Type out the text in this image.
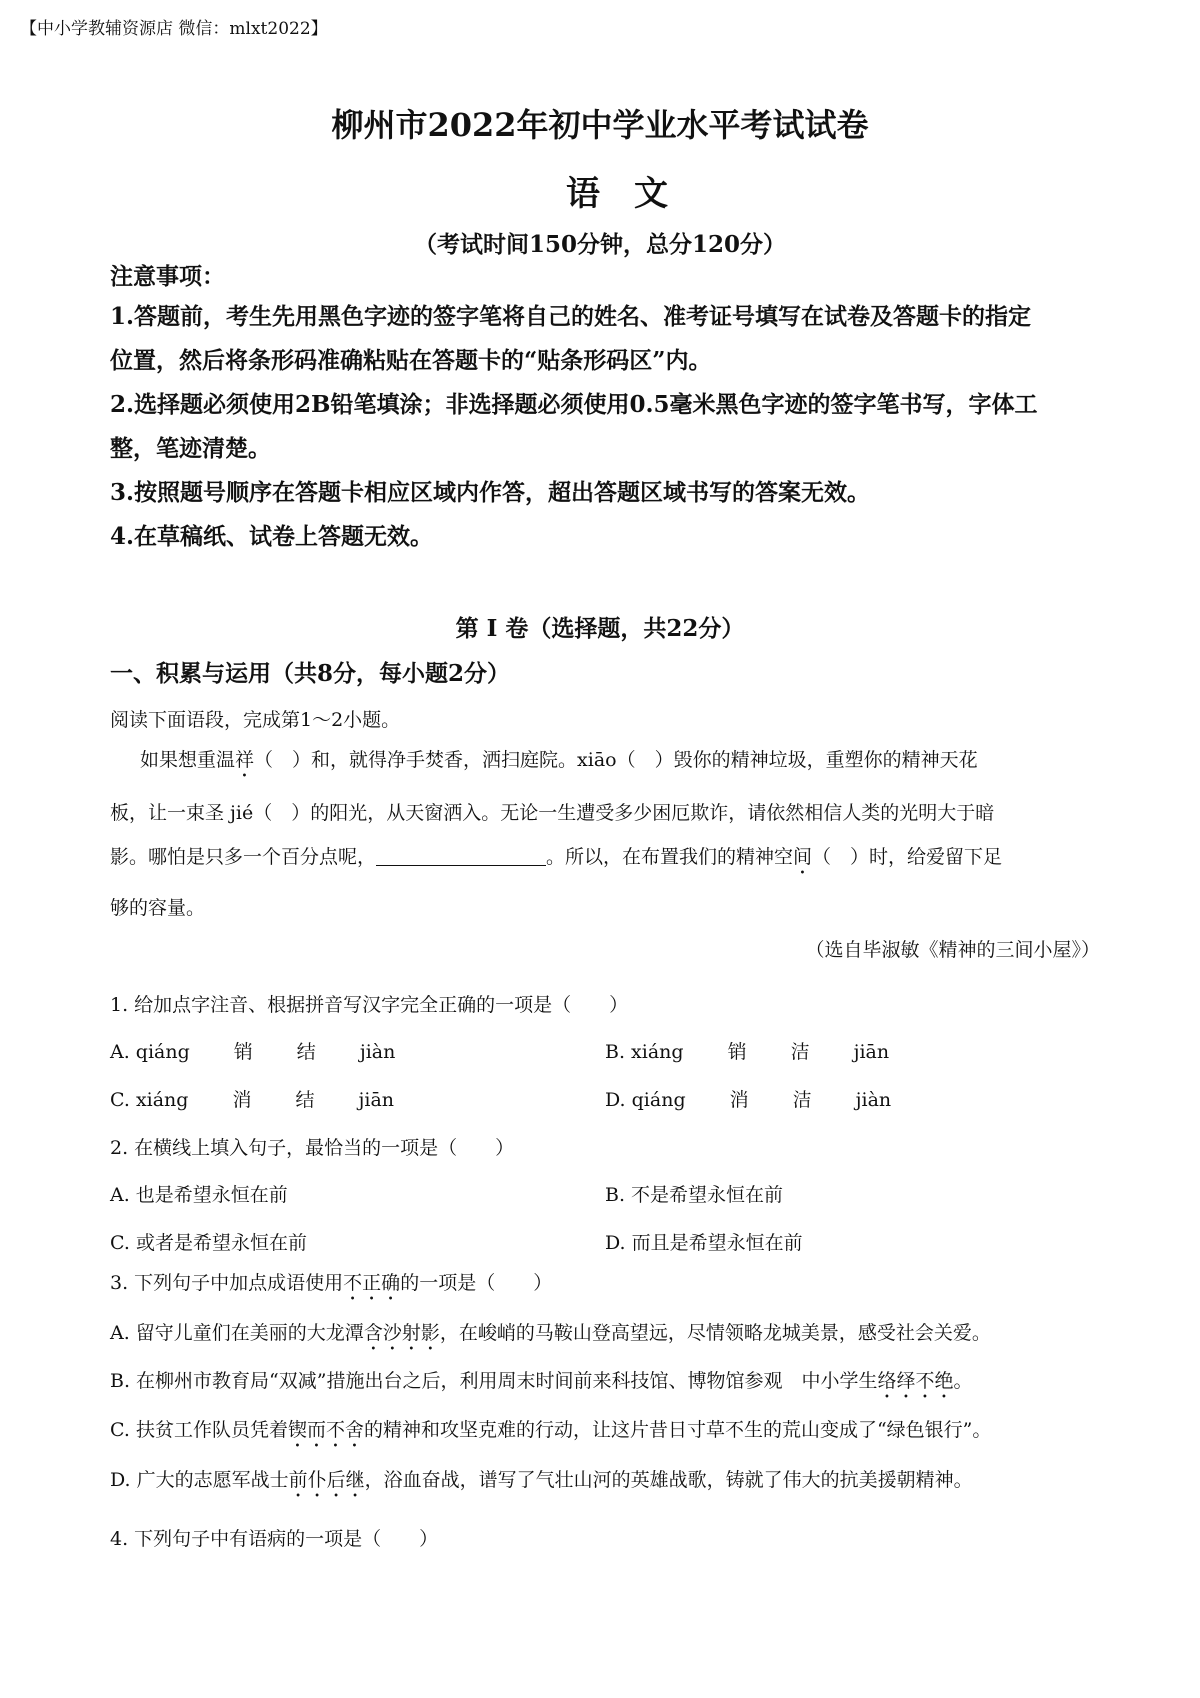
【中小学教辅资源店 微信：mlxt2022】
柳州市2022年初中学业水平考试试卷
语文
（考试时间150分钟，总分120分）
注意事项：
1.答题前，考生先用黑色字迹的签字笔将自己的姓名、准考证号填写在试卷及答题卡的指定
位置，然后将条形码准确粘贴在答题卡的“贴条形码区”内。
2.选择题必须使用2B铅笔填涂；非选择题必须使用0.5毫米黑色字迹的签字笔书写，字体工
整，笔迹清楚。
3.按照题号顺序在答题卡相应区域内作答，超出答题区域书写的答案无效。
4.在草稿纸、试卷上答题无效。
第 Ⅰ 卷（选择题，共22分）
一、积累与运用（共8分，每小题2分）
阅读下面语段，完成第1～2小题。
如果想重温祥（　）和，就得净手焚香，洒扫庭院。xiāo（　）毁你的精神垃圾，重塑你的精神天花
板，让一束圣 jié（　）的阳光，从天窗洒入。无论一生遭受多少困厄欺诈，请依然相信人类的光明大于暗
影。哪怕是只多一个百分点呢，	。所以，在布置我们的精神空间（　）时，给爱留下足
够的容量。
（选自毕淑敏《精神的三间小屋》）
1. 给加点字注音、根据拼音写汉字完全正确的一项是（　　）
A. qiáng 销 结 jiàn	B. xiáng 销 洁 jiān
C. xiáng 消 结 jiān	D. qiáng 消 洁 jiàn
2. 在横线上填入句子，最恰当的一项是（　　）
A. 也是希望永恒在前	B. 不是希望永恒在前
C. 或者是希望永恒在前	D. 而且是希望永恒在前
3. 下列句子中加点成语使用不正确的一项是（　　）
A. 留守儿童们在美丽的大龙潭含沙射影，在峻峭的马鞍山登高望远，尽情领略龙城美景，感受社会关爱。
B. 在柳州市教育局“双减”措施出台之后，利用周末时间前来科技馆、博物馆参观　中小学生络绎不绝。
C. 扶贫工作队员凭着锲而不舍的精神和攻坚克难的行动，让这片昔日寸草不生的荒山变成了“绿色银行”。
D. 广大的志愿军战士前仆后继，浴血奋战，谱写了气壮山河的英雄战歌，铸就了伟大的抗美援朝精神。
4. 下列句子中有语病的一项是（　　）
